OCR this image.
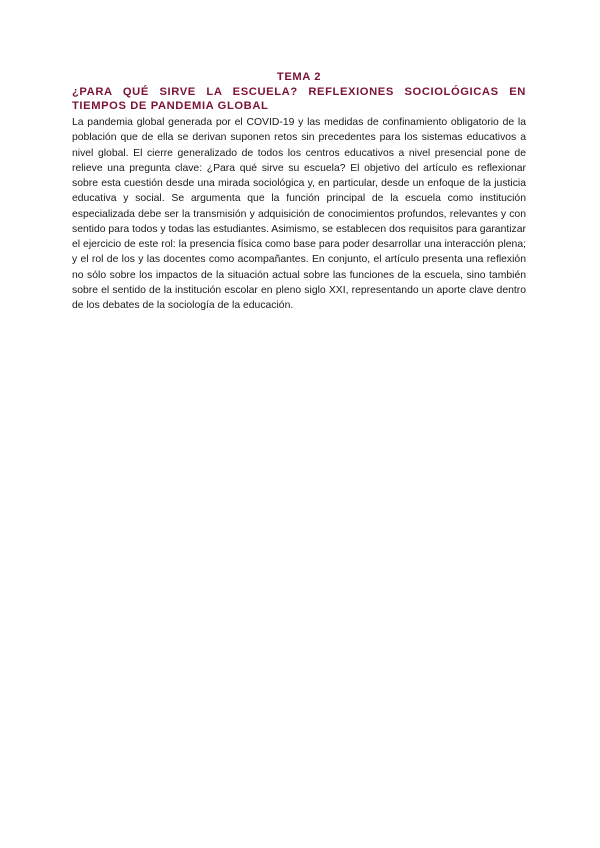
TEMA 2
¿PARA QUÉ SIRVE LA ESCUELA? REFLEXIONES SOCIOLÓGICAS EN TIEMPOS DE PANDEMIA GLOBAL

La pandemia global generada por el COVID-19 y las medidas de confinamiento obligatorio de la población que de ella se derivan suponen retos sin precedentes para los sistemas educativos a nivel global. El cierre generalizado de todos los centros educativos a nivel presencial pone de relieve una pregunta clave: ¿Para qué sirve su escuela? El objetivo del artículo es reflexionar sobre esta cuestión desde una mirada sociológica y, en particular, desde un enfoque de la justicia educativa y social. Se argumenta que la función principal de la escuela como institución especializada debe ser la transmisión y adquisición de conocimientos profundos, relevantes y con sentido para todos y todas las estudiantes. Asimismo, se establecen dos requisitos para garantizar el ejercicio de este rol: la presencia física como base para poder desarrollar una interacción plena; y el rol de los y las docentes como acompañantes. En conjunto, el artículo presenta una reflexión no sólo sobre los impactos de la situación actual sobre las funciones de la escuela, sino también sobre el sentido de la institución escolar en pleno siglo XXI, representando un aporte clave dentro de los debates de la sociología de la educación.
